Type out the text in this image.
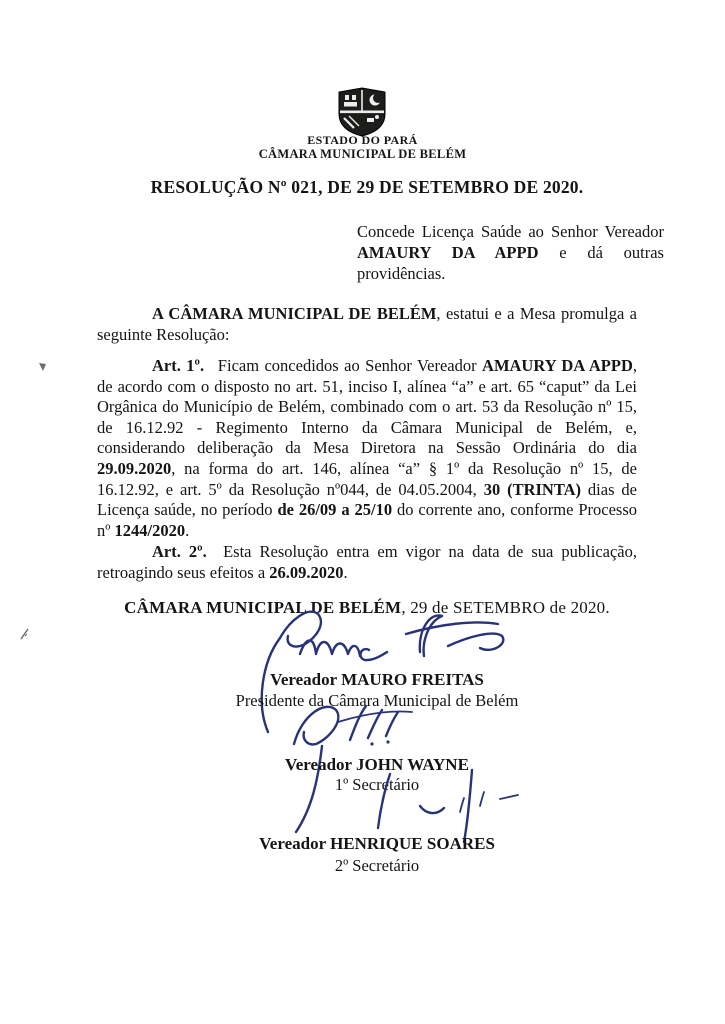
ESTADO DO PARÁ
CÂMARA MUNICIPAL DE BELÉM
RESOLUÇÃO Nº 021, DE 29 DE SETEMBRO DE 2020.
Concede Licença Saúde ao Senhor Vereador AMAURY DA APPD e dá outras providências.
A CÂMARA MUNICIPAL DE BELÉM, estatui e a Mesa promulga a seguinte Resolução:
Art. 1º.  Ficam concedidos ao Senhor Vereador AMAURY DA APPD, de acordo com o disposto no art. 51, inciso I, alínea “a” e art. 65 “caput” da Lei Orgânica do Município de Belém, combinado com o art. 53 da Resolução nº 15, de 16.12.92 - Regimento Interno da Câmara Municipal de Belém, e, considerando deliberação da Mesa Diretora na Sessão Ordinária do dia 29.09.2020, na forma do art. 146, alínea “a” § 1º da Resolução nº 15, de 16.12.92, e art. 5º da Resolução nº044, de 04.05.2004, 30 (TRINTA) dias de Licença saúde, no período de 26/09 a 25/10 do corrente ano, conforme Processo nº 1244/2020.
Art. 2º.  Esta Resolução entra em vigor na data de sua publicação, retroagindo seus efeitos a 26.09.2020.
CÂMARA MUNICIPAL DE BELÉM, 29 de SETEMBRO de 2020.
Vereador MAURO FREITAS
Presidente da Câmara Municipal de Belém
Vereador JOHN WAYNE
1º Secretário
Vereador HENRIQUE SOARES
2º Secretário
